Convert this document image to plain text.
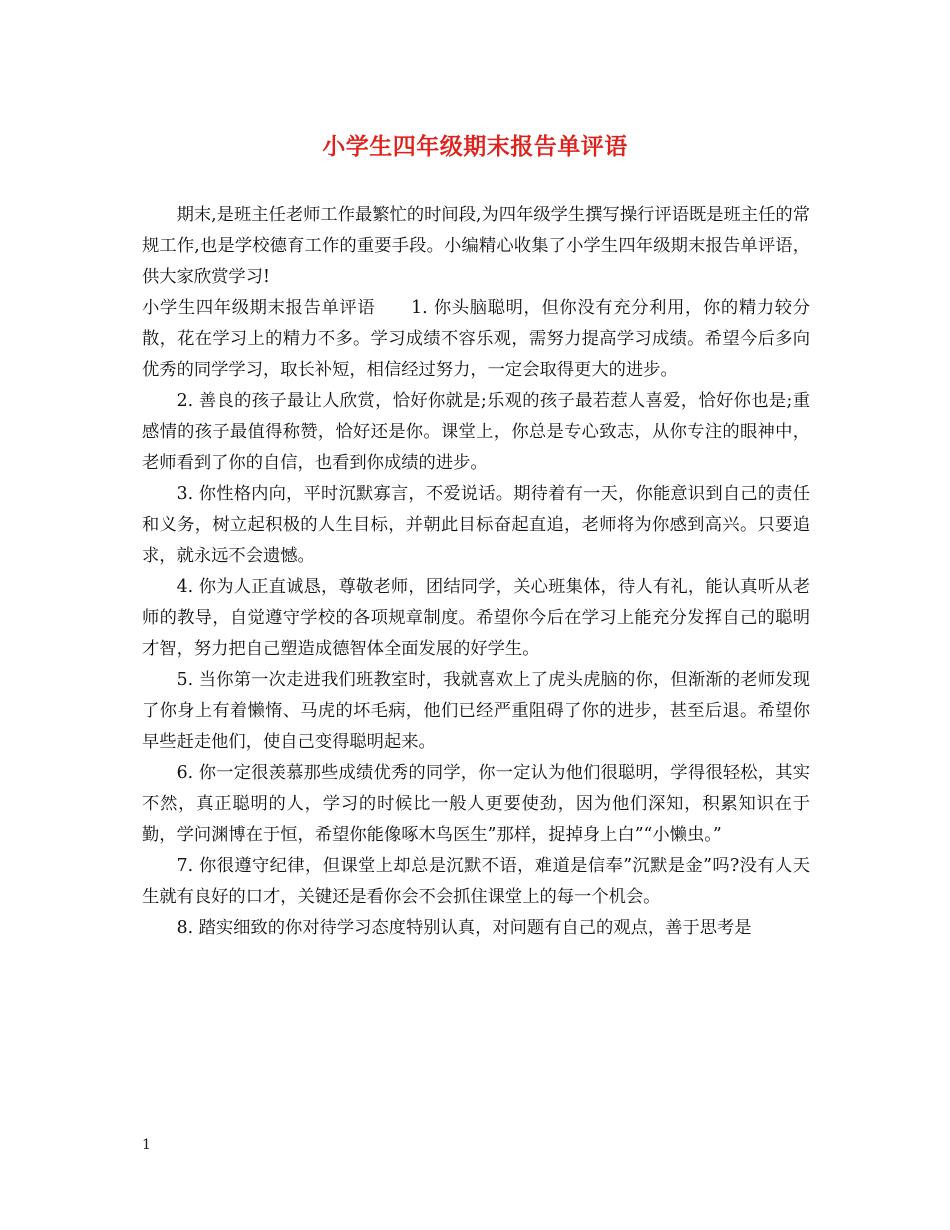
小学生四年级期末报告单评语

期末,是班主任老师工作最繁忙的时间段,为四年级学生撰写操行评语既是班主任的常规工作,也是学校德育工作的重要手段。小编精心收集了小学生四年级期末报告单评语，供大家欣赏学习!

小学生四年级期末报告单评语　　1. 你头脑聪明，但你没有充分利用，你的精力较分散，花在学习上的精力不多。学习成绩不容乐观，需努力提高学习成绩。希望今后多向优秀的同学学习，取长补短，相信经过努力，一定会取得更大的进步。

2. 善良的孩子最让人欣赏，恰好你就是;乐观的孩子最若惹人喜爱，恰好你也是;重感情的孩子最值得称赞，恰好还是你。课堂上，你总是专心致志，从你专注的眼神中，老师看到了你的自信，也看到你成绩的进步。

3. 你性格内向，平时沉默寡言，不爱说话。期待着有一天，你能意识到自己的责任和义务，树立起积极的人生目标，并朝此目标奋起直追，老师将为你感到高兴。只要追求，就永远不会遗憾。

4. 你为人正直诚恳，尊敬老师，团结同学，关心班集体，待人有礼，能认真听从老师的教导，自觉遵守学校的各项规章制度。希望你今后在学习上能充分发挥自己的聪明才智，努力把自己塑造成德智体全面发展的好学生。

5. 当你第一次走进我们班教室时，我就喜欢上了虎头虎脑的你，但渐渐的老师发现了你身上有着懒惰、马虎的坏毛病，他们已经严重阻碍了你的进步，甚至后退。希望你早些赶走他们，使自己变得聪明起来。

6. 你一定很羡慕那些成绩优秀的同学，你一定认为他们很聪明，学得很轻松，其实不然，真正聪明的人，学习的时候比一般人更要使劲，因为他们深知，积累知识在于勤，学问渊博在于恒，希望你能像啄木鸟医生”那样，捉掉身上白”“小懒虫。”

7. 你很遵守纪律，但课堂上却总是沉默不语，难道是信奉”沉默是金”吗?没有人天生就有良好的口才，关键还是看你会不会抓住课堂上的每一个机会。

8. 踏实细致的你对待学习态度特别认真，对问题有自己的观点，善于思考是

1
